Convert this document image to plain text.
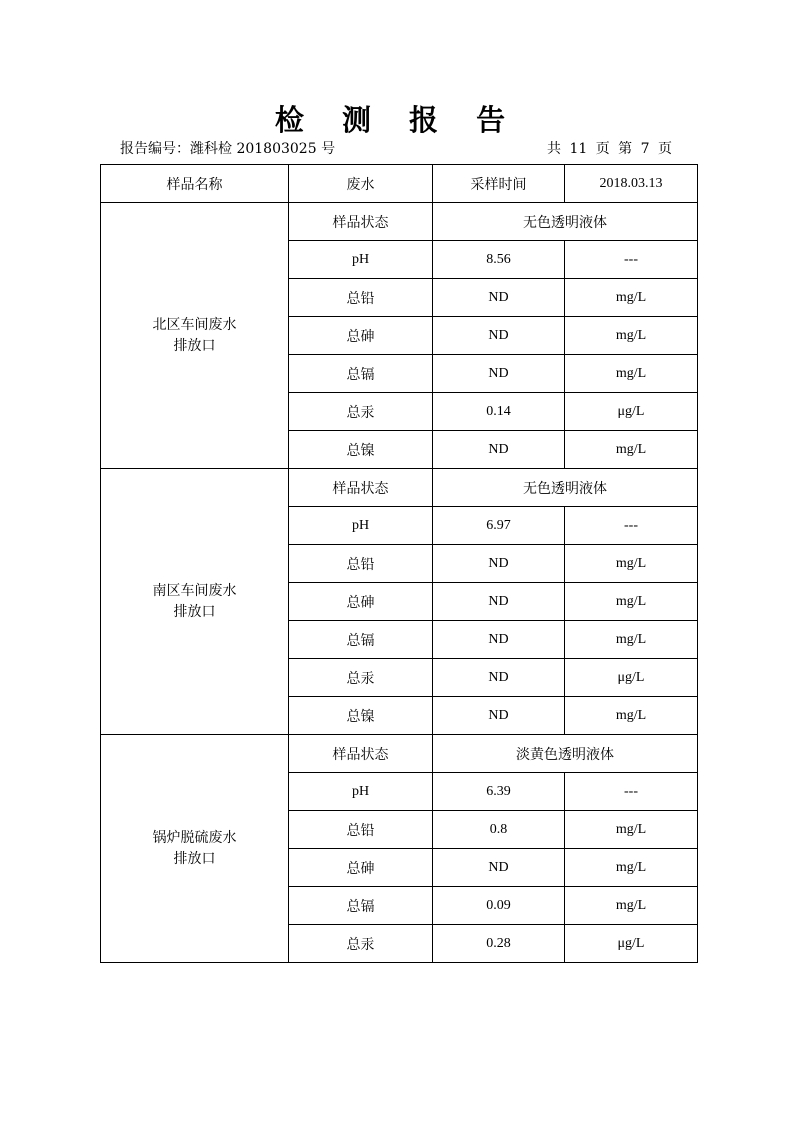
检 测 报 告
报告编号：潍科检 201803025 号	共 11 页 第 7 页
样品名称	废水	采样时间	2018.03.13

北区车间废水
排放口	样品状态	无色透明液体	
	pH	8.56	---
	总铅	ND	mg/L
	总砷	ND	mg/L
	总镉	ND	mg/L
	总汞	0.14	μg/L
	总镍	ND	mg/L

南区车间废水
排放口	样品状态	无色透明液体	
	pH	6.97	---
	总铅	ND	mg/L
	总砷	ND	mg/L
	总镉	ND	mg/L
	总汞	ND	μg/L
	总镍	ND	mg/L

锅炉脱硫废水
排放口	样品状态	淡黄色透明液体	
	pH	6.39	---
	总铅	0.8	mg/L
	总砷	ND	mg/L
	总镉	0.09	mg/L
	总汞	0.28	μg/L
